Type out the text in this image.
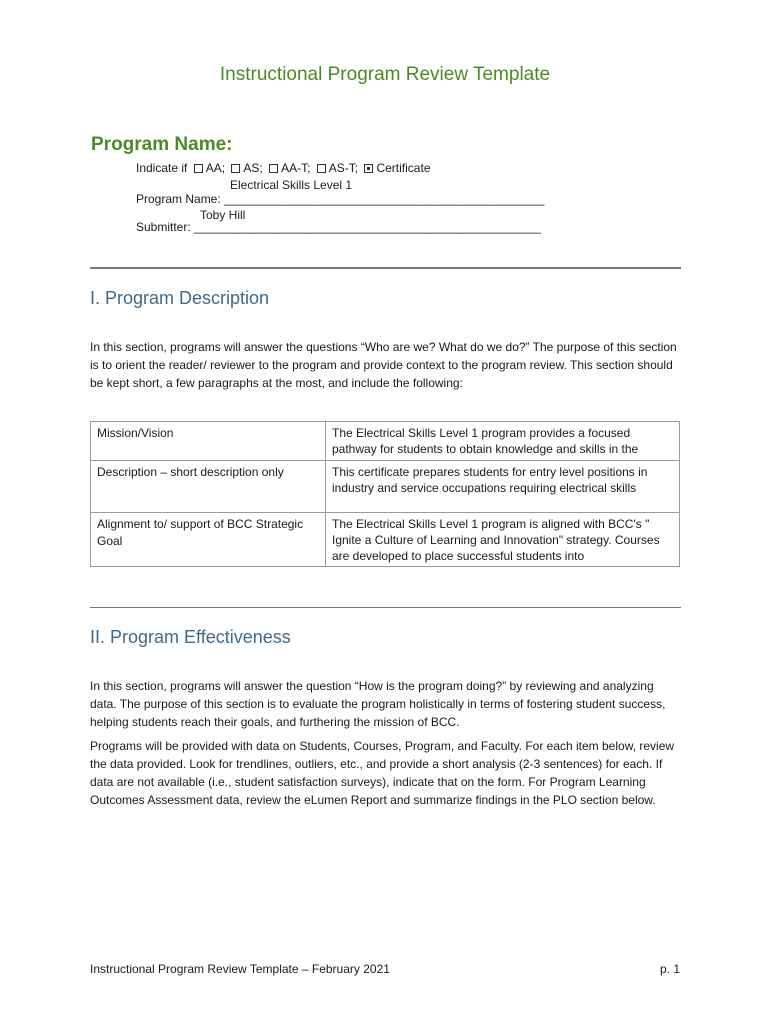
Instructional Program Review Template
Program Name:
Indicate if AA; AS; AA-T; AS-T; Certificate
Electrical Skills Level 1
Program Name: ________________________________________________
Toby Hill
Submitter: ____________________________________________________
I. Program Description
In this section, programs will answer the questions “Who are we? What do we do?” The purpose of this section is to orient the reader/ reviewer to the program and provide context to the program review. This section should be kept short, a few paragraphs at the most, and include the following:
Mission/Vision	The Electrical Skills Level 1 program provides a focused pathway for students to obtain knowledge and skills in the

Description – short description only	This certificate prepares students for entry level positions in industry and service occupations requiring electrical skills

Alignment to/ support of BCC Strategic Goal	The Electrical Skills Level 1 program is aligned with BCC's " Ignite a Culture of Learning and Innovation" strategy. Courses are developed to place successful students into
II. Program Effectiveness
In this section, programs will answer the question “How is the program doing?” by reviewing and analyzing data. The purpose of this section is to evaluate the program holistically in terms of fostering student success, helping students reach their goals, and furthering the mission of BCC.
Programs will be provided with data on Students, Courses, Program, and Faculty. For each item below, review the data provided. Look for trendlines, outliers, etc., and provide a short analysis (2-3 sentences) for each. If data are not available (i.e., student satisfaction surveys), indicate that on the form. For Program Learning Outcomes Assessment data, review the eLumen Report and summarize findings in the PLO section below.
Instructional Program Review Template – February 2021	p. 1
